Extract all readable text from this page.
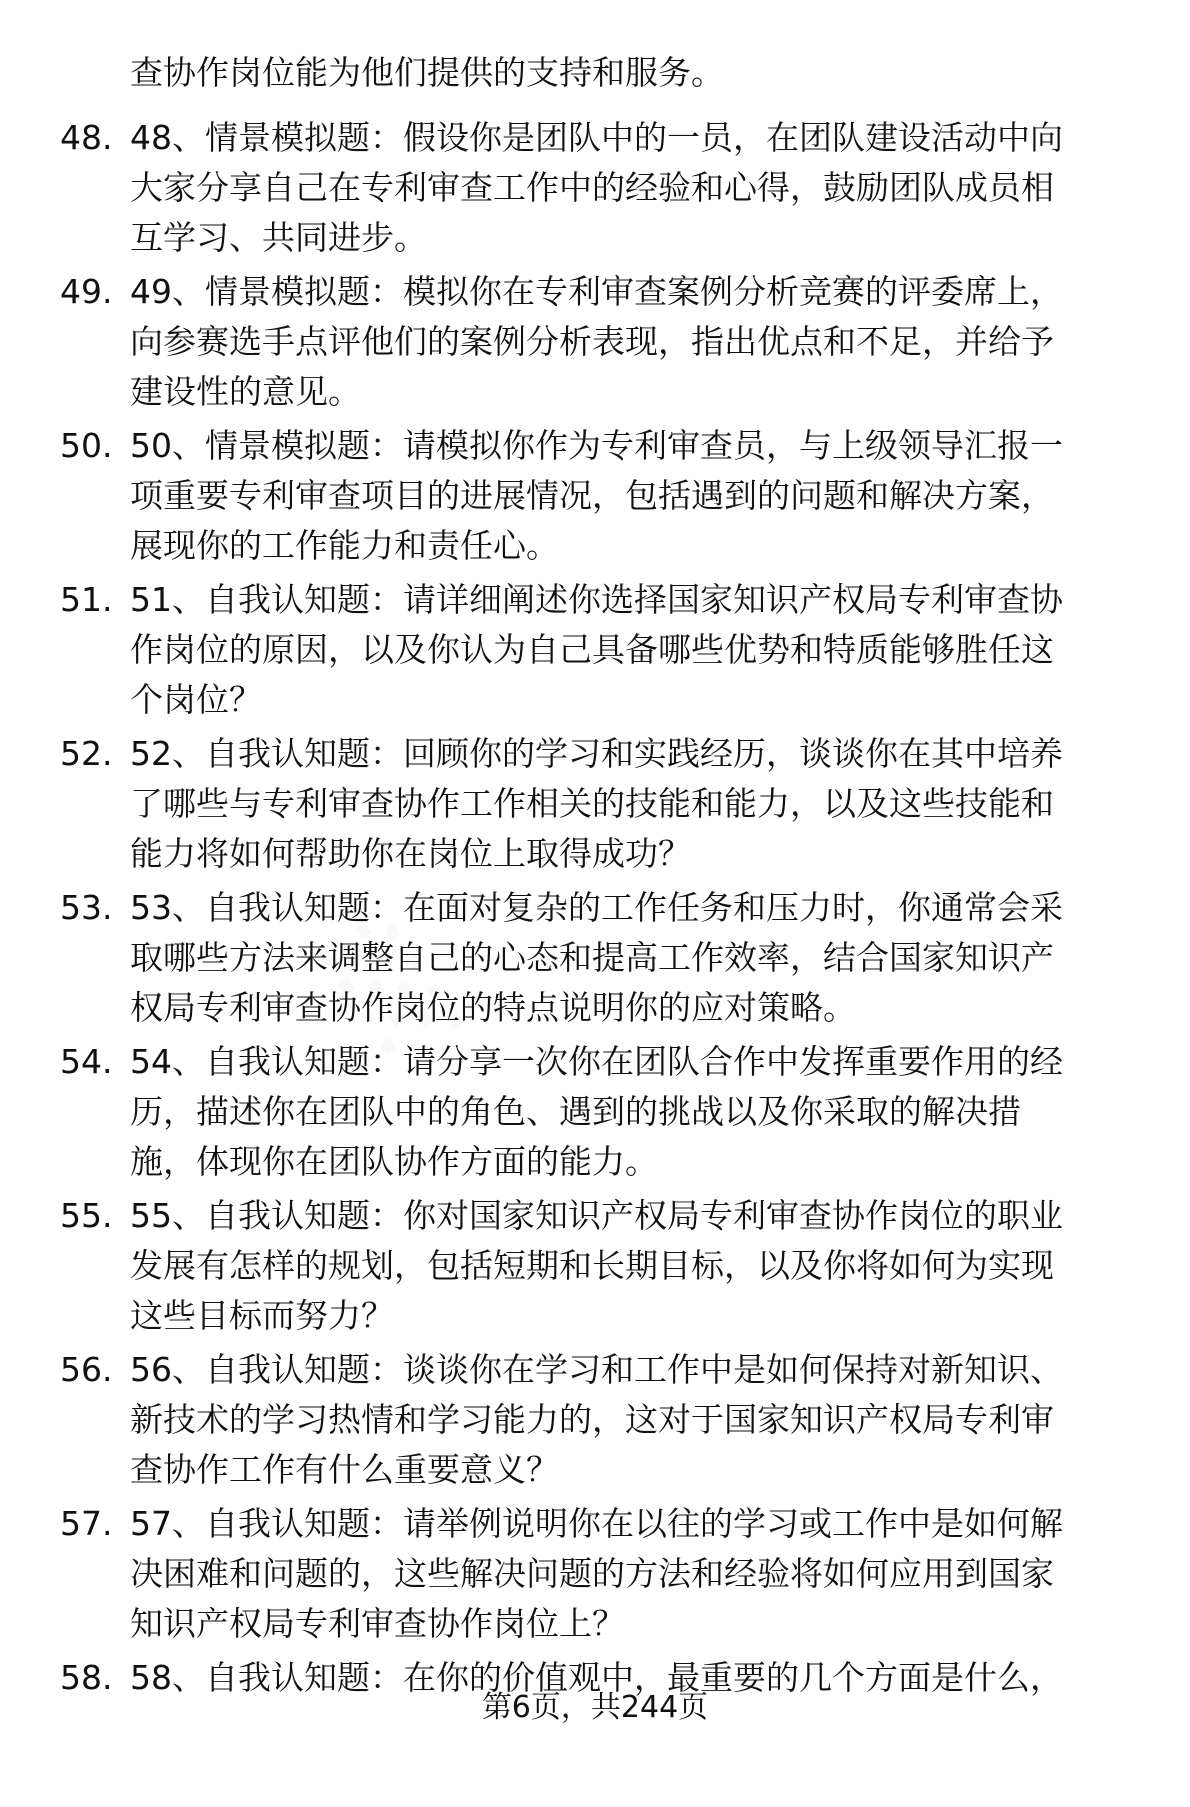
░
查协作岗位能为他们提供的支持和服务。
48. 48、情景模拟题：假设你是团队中的一员，在团队建设活动中向
大家分享自己在专利审查工作中的经验和心得，鼓励团队成员相
互学习、共同进步。
49. 49、情景模拟题：模拟你在专利审查案例分析竞赛的评委席上，
向参赛选手点评他们的案例分析表现，指出优点和不足，并给予
建设性的意见。
50. 50、情景模拟题：请模拟你作为专利审查员，与上级领导汇报一
项重要专利审查项目的进展情况，包括遇到的问题和解决方案，
展现你的工作能力和责任心。
51. 51、自我认知题：请详细阐述你选择国家知识产权局专利审查协
作岗位的原因，以及你认为自己具备哪些优势和特质能够胜任这
个岗位？
52. 52、自我认知题：回顾你的学习和实践经历，谈谈你在其中培养
了哪些与专利审查协作工作相关的技能和能力，以及这些技能和
能力将如何帮助你在岗位上取得成功？
53. 53、自我认知题：在面对复杂的工作任务和压力时，你通常会采
取哪些方法来调整自己的心态和提高工作效率，结合国家知识产
权局专利审查协作岗位的特点说明你的应对策略。
54. 54、自我认知题：请分享一次你在团队合作中发挥重要作用的经
历，描述你在团队中的角色、遇到的挑战以及你采取的解决措
施，体现你在团队协作方面的能力。
55. 55、自我认知题：你对国家知识产权局专利审查协作岗位的职业
发展有怎样的规划，包括短期和长期目标，以及你将如何为实现
这些目标而努力？
56. 56、自我认知题：谈谈你在学习和工作中是如何保持对新知识、
新技术的学习热情和学习能力的，这对于国家知识产权局专利审
查协作工作有什么重要意义？
57. 57、自我认知题：请举例说明你在以往的学习或工作中是如何解
决困难和问题的，这些解决问题的方法和经验将如何应用到国家
知识产权局专利审查协作岗位上？
58. 58、自我认知题：在你的价值观中，最重要的几个方面是什么，
第6页，共244页
